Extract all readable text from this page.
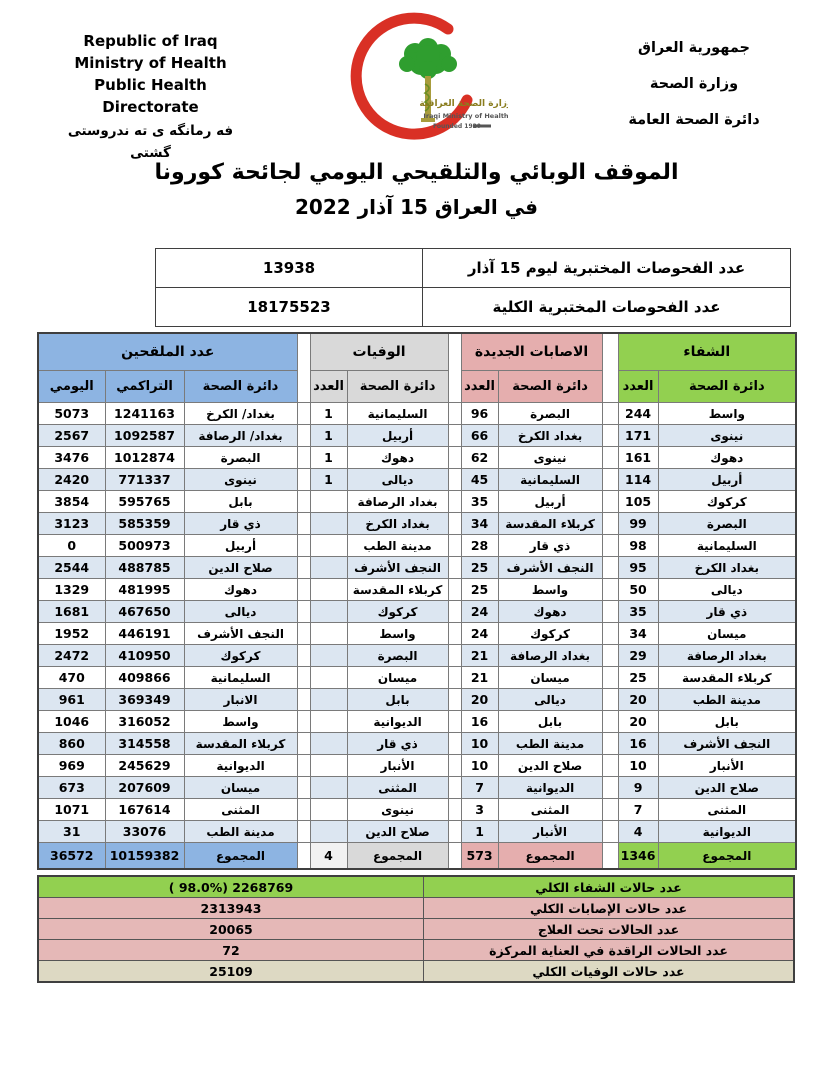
Republic of Iraq
Ministry of Health
Public Health Directorate
فه رمانگه ى ته ندروستى گشتى
جمهورية العراق
وزارة الصحة
دائرة الصحة العامة
وزارة الصحة العراقية
Iraqi Ministry of Health
Founded 1920
الموقف الوبائي والتلقيحي اليومي لجائحة كورونا
في العراق 15 آذار 2022
13938	عدد الفحوصات المختبرية ليوم 15 آذار
18175523	عدد الفحوصات المختبرية الكلية
عدد الملقحين				الوفيات			الاصابات الجديدة			الشفاء	
اليومي	التراكمي	دائرة الصحة		العدد	دائرة الصحة		العدد	دائرة الصحة		العدد	دائرة الصحة
5073	1241163	بغداد/ الكرخ		1	السليمانية		96	البصرة		244	واسط
2567	1092587	بغداد/ الرصافة		1	أربيل		66	بغداد الكرخ		171	نينوى
3476	1012874	البصرة		1	دهوك		62	نينوى		161	دهوك
2420	771337	نينوى		1	ديالى		45	السليمانية		114	أربيل
3854	595765	بابل			بغداد الرصافة		35	أربيل		105	كركوك
3123	585359	ذي قار			بغداد الكرخ		34	كربلاء المقدسة		99	البصرة
0	500973	أربيل			مدينة الطب		28	ذي قار		98	السليمانية
2544	488785	صلاح الدين			النجف الأشرف		25	النجف الأشرف		95	بغداد الكرخ
1329	481995	دهوك			كربلاء المقدسة		25	واسط		50	ديالى
1681	467650	ديالى			كركوك		24	دهوك		35	ذي قار
1952	446191	النجف الأشرف			واسط		24	كركوك		34	ميسان
2472	410950	كركوك			البصرة		21	بغداد الرصافة		29	بغداد الرصافة
470	409866	السليمانية			ميسان		21	ميسان		25	كربلاء المقدسة
961	369349	الانبار			بابل		20	ديالى		20	مدينة الطب
1046	316052	واسط			الديوانية		16	بابل		20	بابل
860	314558	كربلاء المقدسة			ذي قار		10	مدينة الطب		16	النجف الأشرف
969	245629	الديوانية			الأنبار		10	صلاح الدين		10	الأنبار
673	207609	ميسان			المثنى		7	الديوانية		9	صلاح الدين
1071	167614	المثنى			نينوى		3	المثنى		7	المثنى
31	33076	مدينة الطب			صلاح الدين		1	الأنبار		4	الديوانية
36572	10159382	المجموع		4	المجموع		573	المجموع		1346	المجموع
( 98.0%) 2268769	عدد حالات الشفاء الكلي
2313943	عدد حالات الإصابات الكلي
20065	عدد الحالات تحت العلاج
72	عدد الحالات الراقدة في العناية المركزة
25109	عدد حالات الوفيات الكلي
